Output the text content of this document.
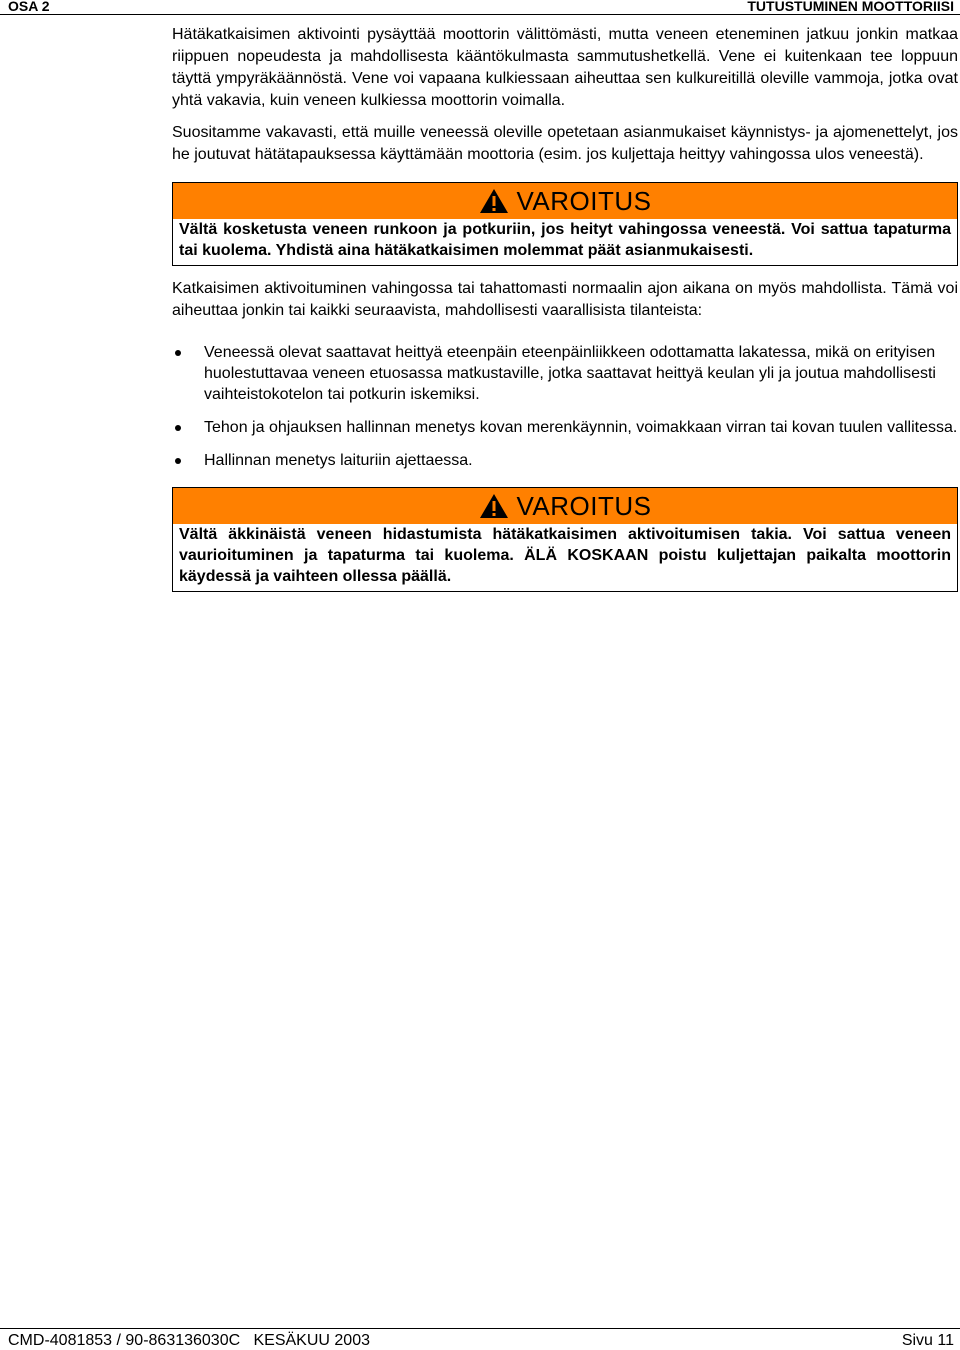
OSA 2	TUTUSTUMINEN MOOTTORIISI

Hätäkatkaisimen aktivointi pysäyttää moottorin välittömästi, mutta veneen eteneminen jatkuu jonkin matkaa riippuen nopeudesta ja mahdollisesta kääntökulmasta sammutushetkellä. Vene ei kuitenkaan tee loppuun täyttä ympyräkäännöstä. Vene voi vapaana kulkiessaan aiheuttaa sen kulkureitillä oleville vammoja, jotka ovat yhtä vakavia, kuin veneen kulkiessa moottorin voimalla.

Suositamme vakavasti, että muille veneessä oleville opetetaan asianmukaiset käynnistys- ja ajomenettelyt, jos he joutuvat hätätapauksessa käyttämään moottoria (esim. jos kuljettaja heittyy vahingossa ulos veneestä).

VAROITUS
Vältä kosketusta veneen runkoon ja potkuriin, jos heityt vahingossa veneestä. Voi sattua tapaturma tai kuolema. Yhdistä aina hätäkatkaisimen molemmat päät asianmukaisesti.

Katkaisimen aktivoituminen vahingossa tai tahattomasti normaalin ajon aikana on myös mahdollista. Tämä voi aiheuttaa jonkin tai kaikki seuraavista, mahdollisesti vaarallisista tilanteista:

Veneessä olevat saattavat heittyä eteenpäin eteenpäinliikkeen odottamatta lakatessa, mikä on erityisen huolestuttavaa veneen etuosassa matkustaville, jotka saattavat heittyä keulan yli ja joutua mahdollisesti vaihteistokotelon tai potkurin iskemiksi.
Tehon ja ohjauksen hallinnan menetys kovan merenkäynnin, voimakkaan virran tai kovan tuulen vallitessa.
Hallinnan menetys laituriin ajettaessa.
VAROITUS
Vältä äkkinäistä veneen hidastumista hätäkatkaisimen aktivoitumisen takia. Voi sattua veneen vaurioituminen ja tapaturma tai kuolema. ÄLÄ KOSKAAN poistu kuljettajan paikalta moottorin käydessä ja vaihteen ollessa päällä.
CMD-4081853 / 90-863136030C   KESÄKUU 2003	Sivu 11
